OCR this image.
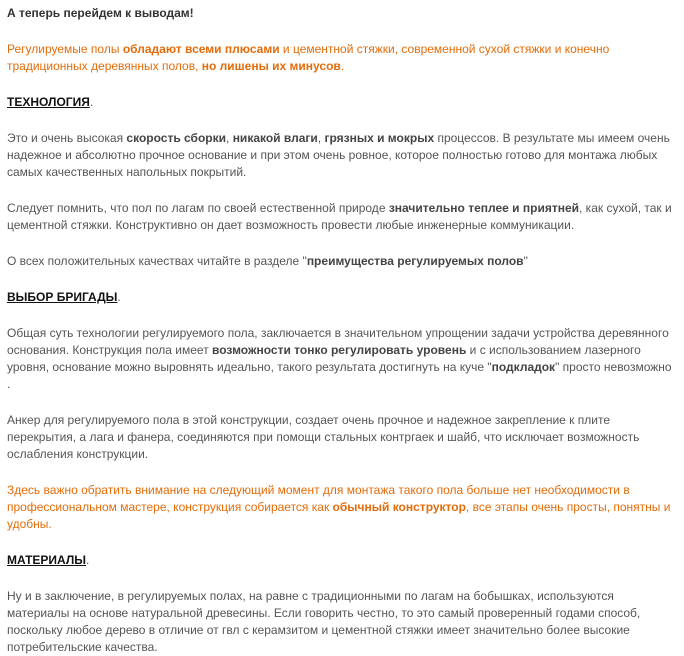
А теперь перейдем к выводам!

Регулируемые полы обладают всеми плюсами и цементной стяжки, современной сухой стяжки и конечно традиционных деревянных полов, но лишены их минусов.

ТЕХНОЛОГИЯ.

Это и очень высокая скорость сборки, никакой влаги, грязных и мокрых процессов. В результате мы имеем очень надежное и абсолютно прочное основание и при этом очень ровное, которое полностью готово для монтажа любых самых качественных напольных покрытий.

Следует помнить, что пол по лагам по своей естественной природе значительно теплее и приятней, как сухой, так и цементной стяжки. Конструктивно он дает возможность провести любые инженерные коммуникации.

О всех положительных качествах читайте в разделе "преимущества регулируемых полов"

ВЫБОР БРИГАДЫ.

Общая суть технологии регулируемого пола, заключается в значительном упрощении задачи устройства деревянного основания. Конструкция пола имеет возможности тонко регулировать уровень и с использованием лазерного уровня, основание можно выровнять идеально, такого результата достигнуть на куче "подкладок" просто невозможно .

Анкер для регулируемого пола в этой конструкции, создает очень прочное и надежное закрепление к плите перекрытия, а лага и фанера, соединяются при помощи стальных контргаек и шайб, что исключает возможность ослабления конструкции.

Здесь важно обратить внимание на следующий момент для монтажа такого пола больше нет необходимости в профессиональном мастере, конструкция собирается как обычный конструктор, все этапы очень просты, понятны и удобны.

МАТЕРИАЛЫ.

Ну и в заключение, в регулируемых полах, на равне с традиционными по лагам на бобышках, используются материалы на основе натуральной древесины. Если говорить честно, то это самый проверенный годами способ, поскольку любое дерево в отличие от гвл с керамзитом и цементной стяжки имеет значительно более высокие потребительские качества.
